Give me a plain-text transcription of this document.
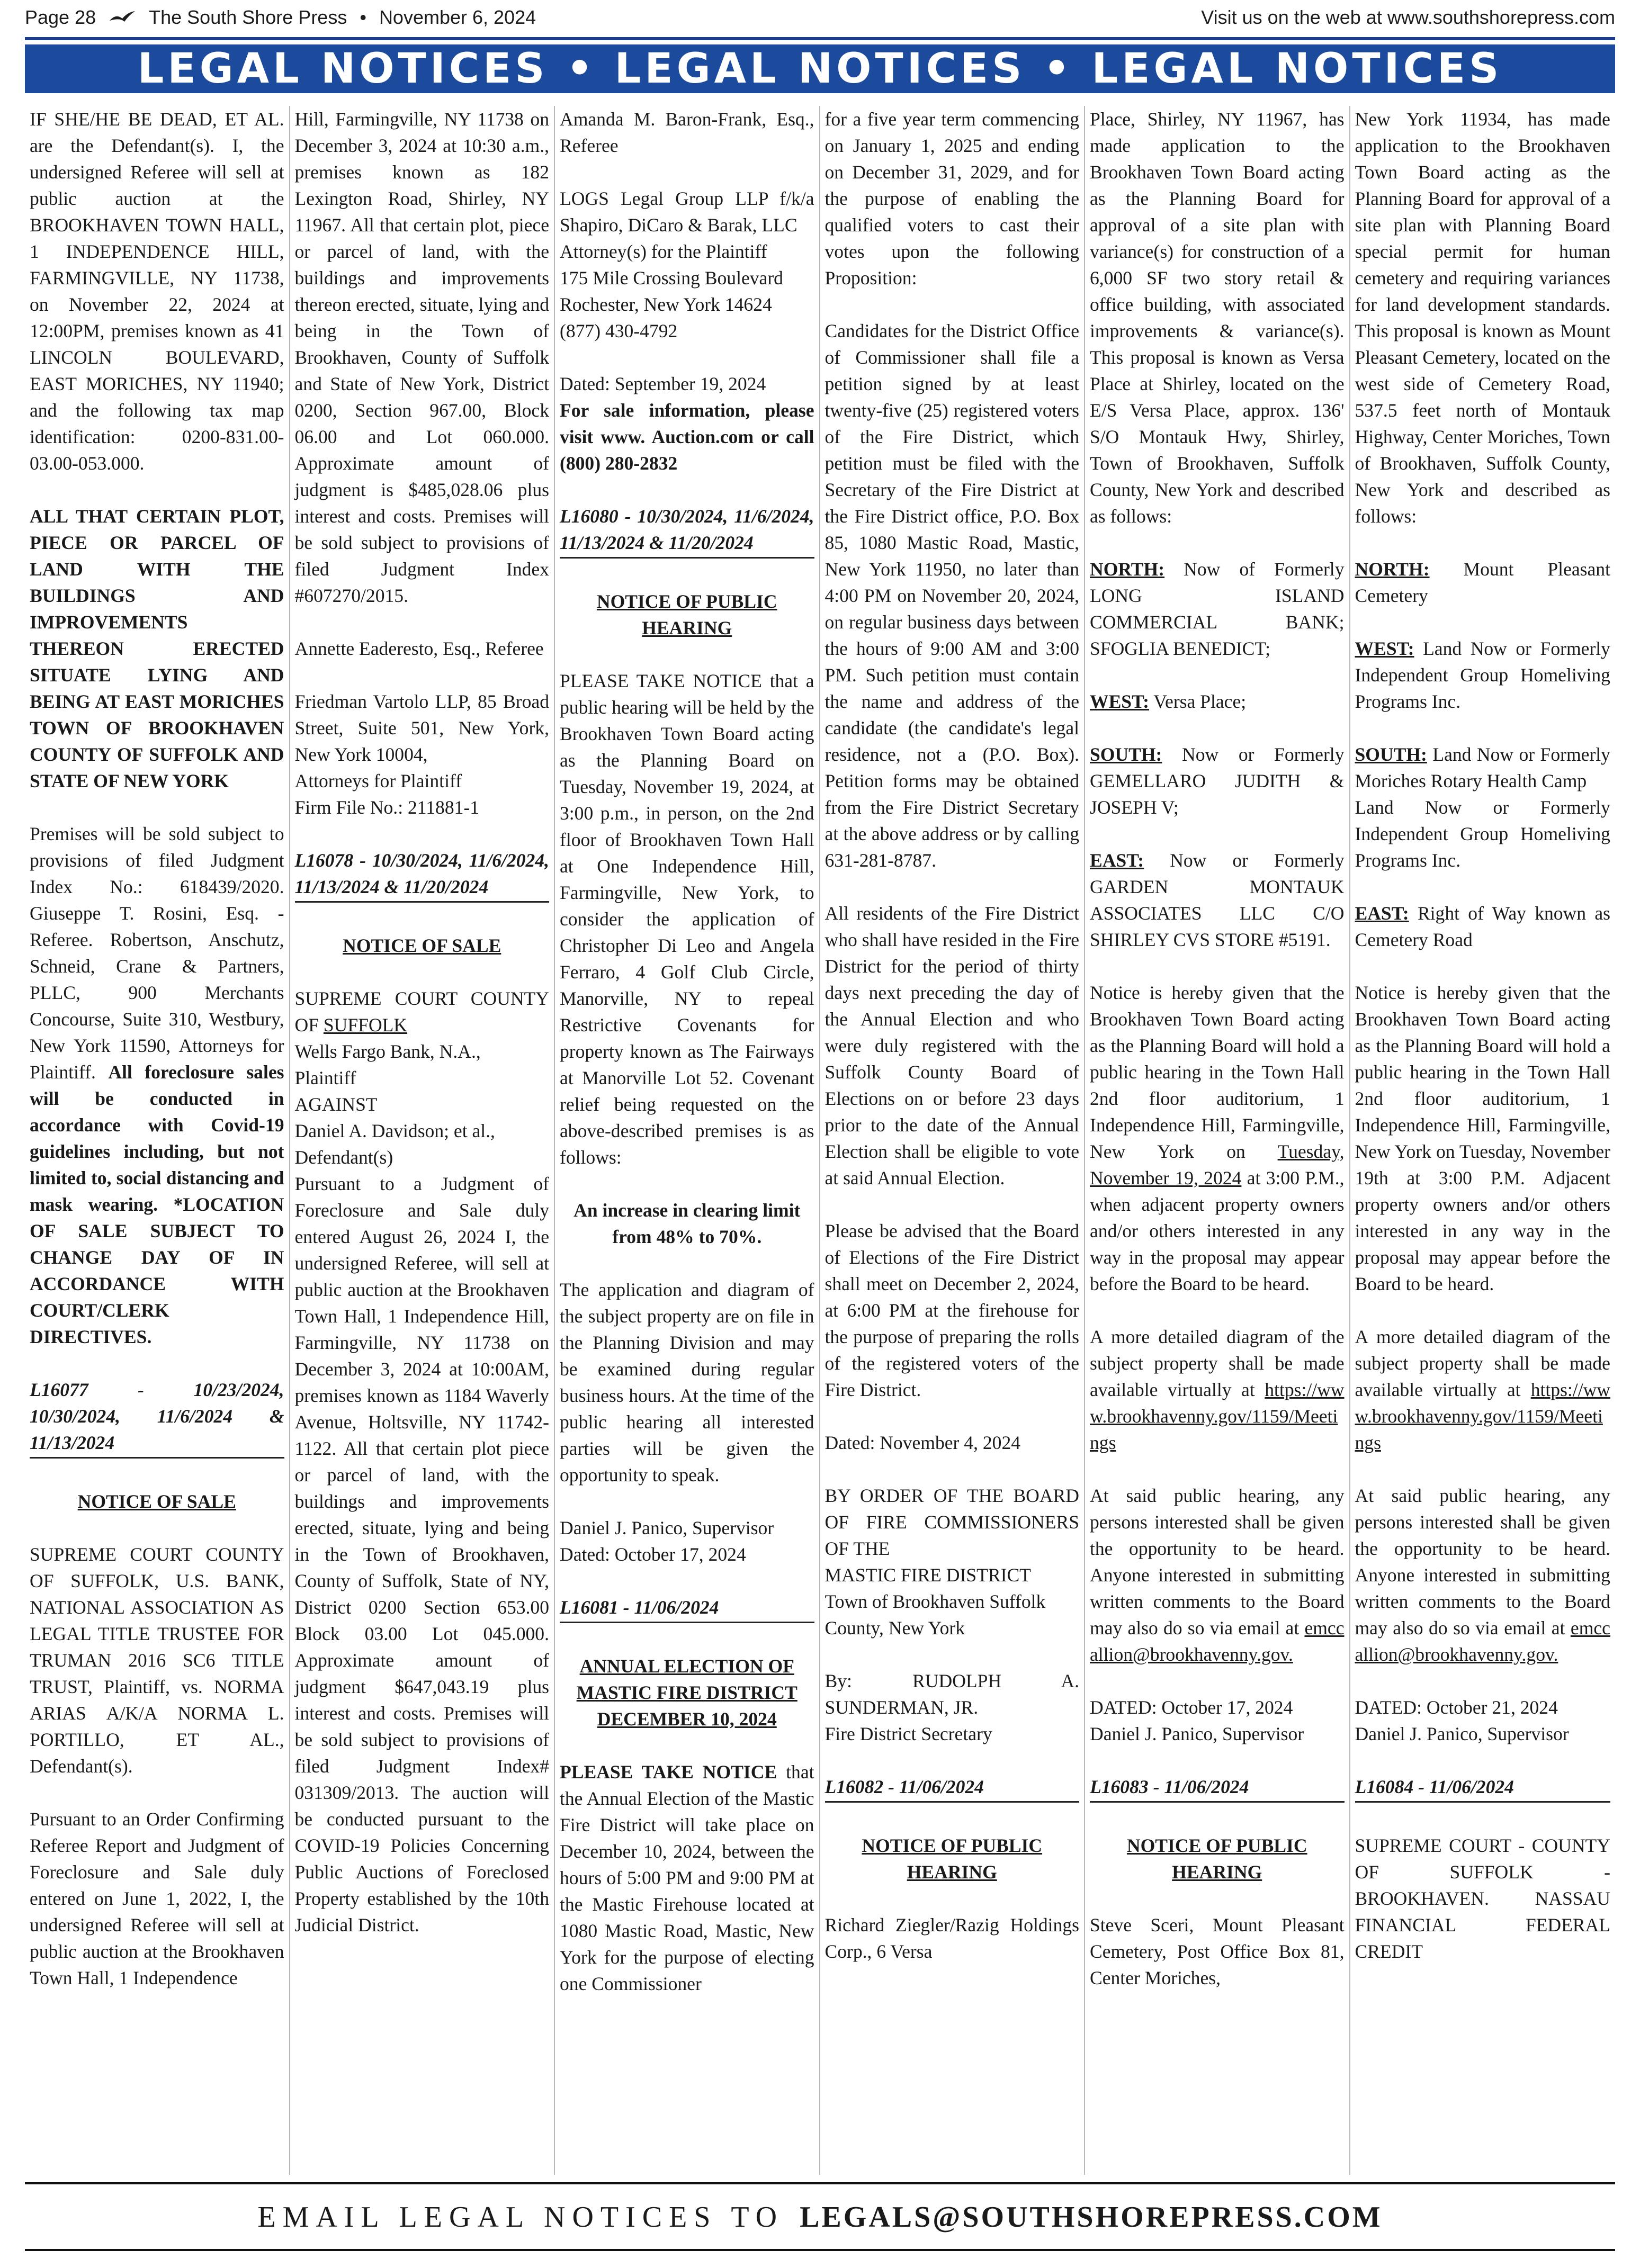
Page 28	The South Shore Press • November 6, 2024	Visit us on the web at www.southshorepress.com
LEGAL NOTICES • LEGAL NOTICES • LEGAL NOTICES

IF SHE/HE BE DEAD, ET AL. are the Defendant(s). I, the undersigned Referee will sell at public auction at the BROOKHAVEN TOWN HALL, 1 INDEPENDENCE HILL, FARMINGVILLE, NY 11738, on November 22, 2024 at 12:00PM, premises known as 41 LINCOLN BOULEVARD, EAST MORICHES, NY 11940; and the following tax map identification: 0200-831.00-03.00-053.000.

ALL THAT CERTAIN PLOT, PIECE OR PARCEL OF LAND WITH THE BUILDINGS AND IMPROVEMENTS THEREON ERECTED SITUATE LYING AND BEING AT EAST MORICHES TOWN OF BROOKHAVEN COUNTY OF SUFFOLK AND STATE OF NEW YORK

Premises will be sold subject to provisions of filed Judgment Index No.: 618439/2020. Giuseppe T. Rosini, Esq. - Referee. Robertson, Anschutz, Schneid, Crane & Partners, PLLC, 900 Merchants Concourse, Suite 310, Westbury, New York 11590, Attorneys for Plaintiff. All foreclosure sales will be conducted in accordance with Covid-19 guidelines including, but not limited to, social distancing and mask wearing. *LOCATION OF SALE SUBJECT TO CHANGE DAY OF IN ACCORDANCE WITH COURT/CLERK DIRECTIVES.

L16077 - 10/23/2024, 10/30/2024, 11/6/2024 & 11/13/2024
NOTICE OF SALE

SUPREME COURT COUNTY OF SUFFOLK, U.S. BANK, NATIONAL ASSOCIATION AS LEGAL TITLE TRUSTEE FOR TRUMAN 2016 SC6 TITLE TRUST, Plaintiff, vs. NORMA ARIAS A/K/A NORMA L. PORTILLO, ET AL., Defendant(s).

Pursuant to an Order Confirming Referee Report and Judgment of Foreclosure and Sale duly entered on June 1, 2022, I, the undersigned Referee will sell at public auction at the Brookhaven Town Hall, 1 Independence

Hill, Farmingville, NY 11738 on December 3, 2024 at 10:30 a.m., premises known as 182 Lexington Road, Shirley, NY 11967. All that certain plot, piece or parcel of land, with the buildings and improvements thereon erected, situate, lying and being in the Town of Brookhaven, County of Suffolk and State of New York, District 0200, Section 967.00, Block 06.00 and Lot 060.000. Approximate amount of judgment is $485,028.06 plus interest and costs. Premises will be sold subject to provisions of filed Judgment Index #607270/2015.

Annette Eaderesto, Esq., Referee

Friedman Vartolo LLP, 85 Broad Street, Suite 501, New York, New York 10004,
Attorneys for Plaintiff
Firm File No.: 211881-1

L16078 - 10/30/2024, 11/6/2024, 11/13/2024 & 11/20/2024
NOTICE OF SALE

SUPREME COURT COUNTY OF SUFFOLK
Wells Fargo Bank, N.A.,
Plaintiff
AGAINST
Daniel A. Davidson; et al.,
Defendant(s)

Pursuant to a Judgment of Foreclosure and Sale duly entered August 26, 2024 I, the undersigned Referee, will sell at public auction at the Brookhaven Town Hall, 1 Independence Hill, Farmingville, NY 11738 on December 3, 2024 at 10:00AM, premises known as 1184 Waverly Avenue, Holtsville, NY 11742-1122. All that certain plot piece or parcel of land, with the buildings and improvements erected, situate, lying and being in the Town of Brookhaven, County of Suffolk, State of NY, District 0200 Section 653.00 Block 03.00 Lot 045.000. Approximate amount of judgment $647,043.19 plus interest and costs. Premises will be sold subject to provisions of filed Judgment Index# 031309/2013. The auction will be conducted pursuant to the COVID-19 Policies Concerning Public Auctions of Foreclosed Property established by the 10th Judicial District.

Amanda M. Baron-Frank, Esq., Referee

LOGS Legal Group LLP f/k/a Shapiro, DiCaro & Barak, LLC
Attorney(s) for the Plaintiff
175 Mile Crossing Boulevard
Rochester, New York 14624
(877) 430-4792

Dated: September 19, 2024
For sale information, please visit www. Auction.com or call (800) 280-2832

L16080 - 10/30/2024, 11/6/2024, 11/13/2024 & 11/20/2024
NOTICE OF PUBLIC HEARING

PLEASE TAKE NOTICE that a public hearing will be held by the Brookhaven Town Board acting as the Planning Board on Tuesday, November 19, 2024, at 3:00 p.m., in person, on the 2nd floor of Brookhaven Town Hall at One Independence Hill, Farmingville, New York, to consider the application of Christopher Di Leo and Angela Ferraro, 4 Golf Club Circle, Manorville, NY to repeal Restrictive Covenants for property known as The Fairways at Manorville Lot 52. Covenant relief being requested on the above-described premises is as follows:

An increase in clearing limit from 48% to 70%.

The application and diagram of the subject property are on file in the Planning Division and may be examined during regular business hours. At the time of the public hearing all interested parties will be given the opportunity to speak.

Daniel J. Panico, Supervisor
Dated: October 17, 2024

L16081 - 11/06/2024
ANNUAL ELECTION OF MASTIC FIRE DISTRICT DECEMBER 10, 2024

PLEASE TAKE NOTICE that the Annual Election of the Mastic Fire District will take place on December 10, 2024, between the hours of 5:00 PM and 9:00 PM at the Mastic Firehouse located at 1080 Mastic Road, Mastic, New York for the purpose of electing one Commissioner

for a five year term commencing on January 1, 2025 and ending on December 31, 2029, and for the purpose of enabling the qualified voters to cast their votes upon the following Proposition:

Candidates for the District Office of Commissioner shall file a petition signed by at least twenty-five (25) registered voters of the Fire District, which petition must be filed with the Secretary of the Fire District at the Fire District office, P.O. Box 85, 1080 Mastic Road, Mastic, New York 11950, no later than 4:00 PM on November 20, 2024, on regular business days between the hours of 9:00 AM and 3:00 PM. Such petition must contain the name and address of the candidate (the candidate's legal residence, not a (P.O. Box). Petition forms may be obtained from the Fire District Secretary at the above address or by calling 631-281-8787.

All residents of the Fire District who shall have resided in the Fire District for the period of thirty days next preceding the day of the Annual Election and who were duly registered with the Suffolk County Board of Elections on or before 23 days prior to the date of the Annual Election shall be eligible to vote at said Annual Election.

Please be advised that the Board of Elections of the Fire District shall meet on December 2, 2024, at 6:00 PM at the firehouse for the purpose of preparing the rolls of the registered voters of the Fire District.

Dated: November 4, 2024

BY ORDER OF THE BOARD OF FIRE COMMISSIONERS OF THE
MASTIC FIRE DISTRICT
Town of Brookhaven Suffolk County, New York

By: RUDOLPH A. SUNDERMAN, JR.
Fire District Secretary

L16082 - 11/06/2024
NOTICE OF PUBLIC HEARING

Richard Ziegler/Razig Holdings Corp., 6 Versa

Place, Shirley, NY 11967, has made application to the Brookhaven Town Board acting as the Planning Board for approval of a site plan with variance(s) for construction of a 6,000 SF two story retail & office building, with associated improvements & variance(s). This proposal is known as Versa Place at Shirley, located on the E/S Versa Place, approx. 136' S/O Montauk Hwy, Shirley, Town of Brookhaven, Suffolk County, New York and described as follows:

NORTH: Now of Formerly LONG ISLAND COMMERCIAL BANK; SFOGLIA BENEDICT;

WEST: Versa Place;

SOUTH: Now or Formerly GEMELLARO JUDITH & JOSEPH V;

EAST: Now or Formerly GARDEN MONTAUK ASSOCIATES LLC C/O SHIRLEY CVS STORE #5191.

Notice is hereby given that the Brookhaven Town Board acting as the Planning Board will hold a public hearing in the Town Hall 2nd floor auditorium, 1 Independence Hill, Farmingville, New York on Tuesday, November 19, 2024 at 3:00 P.M., when adjacent property owners and/or others interested in any way in the proposal may appear before the Board to be heard.

A more detailed diagram of the subject property shall be made available virtually at https://www.brookhavenny.gov/1159/Meetings

At said public hearing, any persons interested shall be given the opportunity to be heard. Anyone interested in submitting written comments to the Board may also do so via email at emccallion@brookhavenny.gov.

DATED: October 17, 2024
Daniel J. Panico, Supervisor

L16083 - 11/06/2024
NOTICE OF PUBLIC HEARING

Steve Sceri, Mount Pleasant Cemetery, Post Office Box 81, Center Moriches,

New York 11934, has made application to the Brookhaven Town Board acting as the Planning Board for approval of a site plan with Planning Board special permit for human cemetery and requiring variances for land development standards. This proposal is known as Mount Pleasant Cemetery, located on the west side of Cemetery Road, 537.5 feet north of Montauk Highway, Center Moriches, Town of Brookhaven, Suffolk County, New York and described as follows:

NORTH: Mount Pleasant Cemetery

WEST: Land Now or Formerly Independent Group Homeliving Programs Inc.

SOUTH: Land Now or Formerly Moriches Rotary Health Camp
Land Now or Formerly Independent Group Homeliving Programs Inc.

EAST: Right of Way known as Cemetery Road

Notice is hereby given that the Brookhaven Town Board acting as the Planning Board will hold a public hearing in the Town Hall 2nd floor auditorium, 1 Independence Hill, Farmingville, New York on Tuesday, November 19th at 3:00 P.M. Adjacent property owners and/or others interested in any way in the proposal may appear before the Board to be heard.

A more detailed diagram of the subject property shall be made available virtually at https://www.brookhavenny.gov/1159/Meetings

At said public hearing, any persons interested shall be given the opportunity to be heard. Anyone interested in submitting written comments to the Board may also do so via email at emccallion@brookhavenny.gov.

DATED: October 21, 2024
Daniel J. Panico, Supervisor

L16084 - 11/06/2024

SUPREME COURT - COUNTY OF SUFFOLK - BROOKHAVEN. NASSAU FINANCIAL FEDERAL CREDIT

EMAIL LEGAL NOTICES TO LEGALS@SOUTHSHOREPRESS.COM
